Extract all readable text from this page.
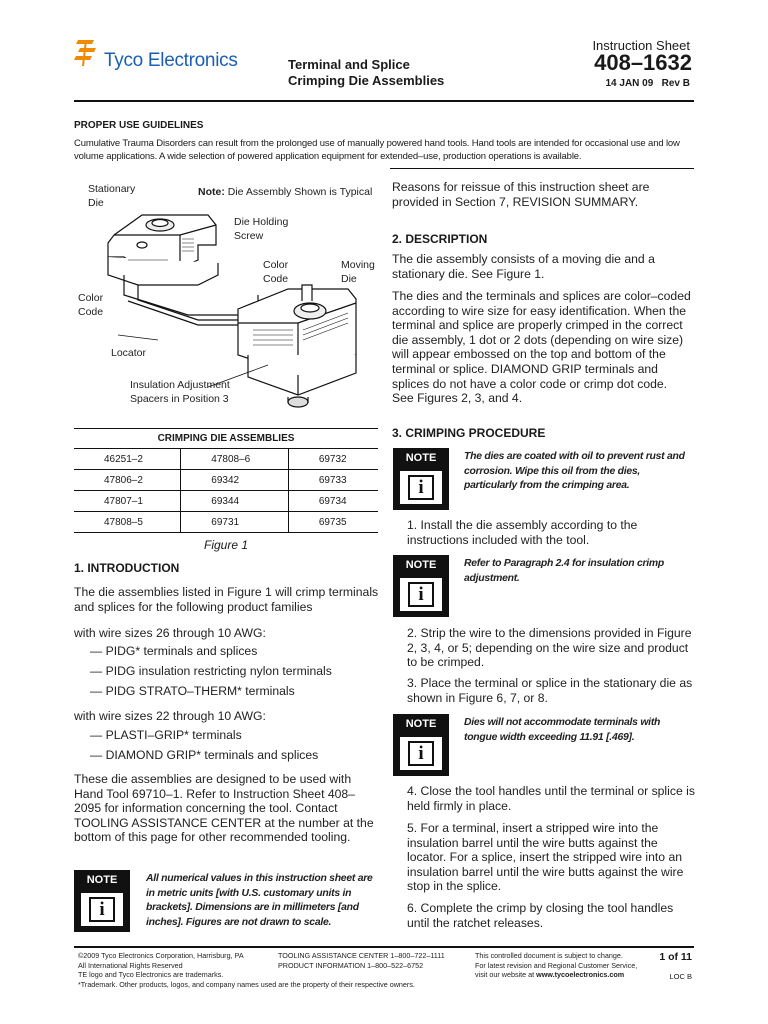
Tyco Electronics	Terminal and Splice
Crimping Die Assemblies
Instruction Sheet
408–1632
14 JAN 09 Rev B
PROPER USE GUIDELINES
Cumulative Trauma Disorders can result from the prolonged use of manually powered hand tools. Hand tools are intended for occasional use and low volume applications. A wide selection of powered application equipment for extended–use, production operations is available.
Stationary Die
Note: Die Assembly Shown is Typical
Die Holding Screw
Color Code
Moving Die
Color Code
Locator
Insulation Adjustment Spacers in Position 3
CRIMPING DIE ASSEMBLIES		
46251–2	47808–6	69732
47806–2	69342	69733
47807–1	69344	69734
47808–5	69731	69735
Figure 1
1. INTRODUCTION
The die assemblies listed in Figure 1 will crimp terminals and splices for the following product families
with wire sizes 26 through 10 AWG:
— PIDG* terminals and splices
— PIDG insulation restricting nylon terminals
— PIDG STRATO–THERM* terminals
with wire sizes 22 through 10 AWG:
— PLASTI–GRIP* terminals
— DIAMOND GRIP* terminals and splices
These die assemblies are designed to be used with Hand Tool 69710–1. Refer to Instruction Sheet 408–2095 for information concerning the tool. Contact TOOLING ASSISTANCE CENTER at the number at the bottom of this page for other recommended tooling.
NOTE
i
All numerical values in this instruction sheet are in metric units [with U.S. customary units in brackets]. Dimensions are in millimeters [and inches]. Figures are not drawn to scale.
Reasons for reissue of this instruction sheet are provided in Section 7, REVISION SUMMARY.
2. DESCRIPTION
The die assembly consists of a moving die and a stationary die. See Figure 1.
The dies and the terminals and splices are color–coded according to wire size for easy identification. When the terminal and splice are properly crimped in the correct die assembly, 1 dot or 2 dots (depending on wire size) will appear embossed on the top and bottom of the terminal or splice. DIAMOND GRIP terminals and splices do not have a color code or crimp dot code. See Figures 2, 3, and 4.
3. CRIMPING PROCEDURE
NOTE
i
The dies are coated with oil to prevent rust and corrosion. Wipe this oil from the dies, particularly from the crimping area.
1. Install the die assembly according to the instructions included with the tool.
NOTE
i
Refer to Paragraph 2.4 for insulation crimp adjustment.
2. Strip the wire to the dimensions provided in Figure 2, 3, 4, or 5; depending on the wire size and product to be crimped.
3. Place the terminal or splice in the stationary die as shown in Figure 6, 7, or 8.
NOTE
i
Dies will not accommodate terminals with tongue width exceeding 11.91 [.469].
4. Close the tool handles until the terminal or splice is held firmly in place.
5. For a terminal, insert a stripped wire into the insulation barrel until the wire butts against the locator. For a splice, insert the stripped wire into an insulation barrel until the wire butts against the wire stop in the splice.
6. Complete the crimp by closing the tool handles until the ratchet releases.
©2009 Tyco Electronics Corporation, Harrisburg, PA
All International Rights Reserved
TE logo and Tyco Electronics are trademarks.
*Trademark. Other products, logos, and company names used are the property of their respective owners.
TOOLING ASSISTANCE CENTER 1–800–722–1111
PRODUCT INFORMATION 1–800–522–6752
This controlled document is subject to change.
For latest revision and Regional Customer Service,
visit our website at www.tycoelectronics.com
1 of 11
LOC B
